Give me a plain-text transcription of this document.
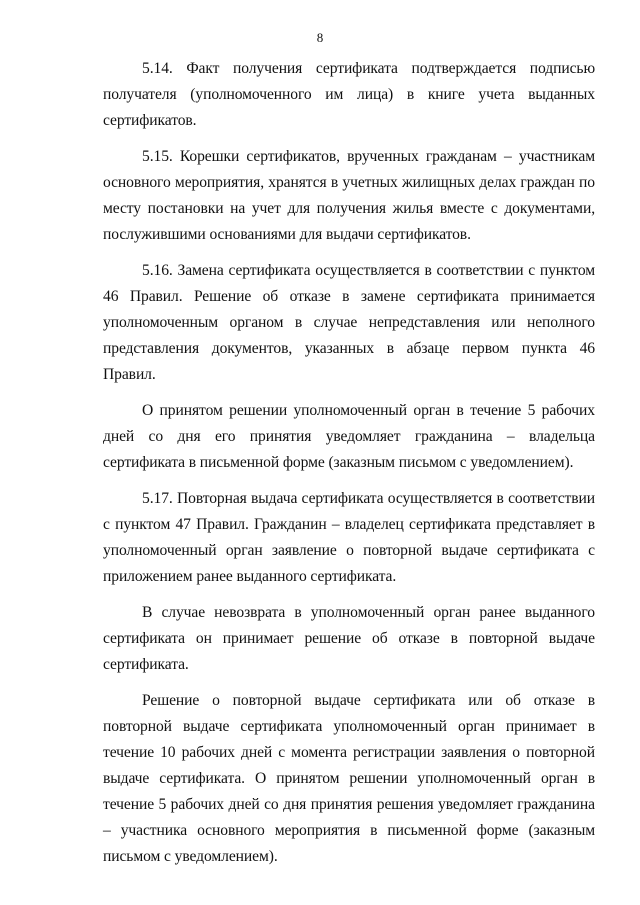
8

5.14. Факт получения сертификата подтверждается подписью получателя (уполномоченного им лица) в книге учета выданных сертификатов.

5.15. Корешки сертификатов, врученных гражданам – участникам основного мероприятия, хранятся в учетных жилищных делах граждан по месту постановки на учет для получения жилья вместе с документами, послужившими основаниями для выдачи сертификатов.

5.16. Замена сертификата осуществляется в соответствии с пунктом 46 Правил. Решение об отказе в замене сертификата принимается уполномоченным органом в случае непредставления или неполного представления документов, указанных в абзаце первом пункта 46 Правил.

О принятом решении уполномоченный орган в течение 5 рабочих дней со дня его принятия уведомляет гражданина – владельца сертификата в письменной форме (заказным письмом с уведомлением).

5.17. Повторная выдача сертификата осуществляется в соответствии с пунктом 47 Правил. Гражданин – владелец сертификата представляет в уполномоченный орган заявление о повторной выдаче сертификата с приложением ранее выданного сертификата.

В случае невозврата в уполномоченный орган ранее выданного сертификата он принимает решение об отказе в повторной выдаче сертификата.

Решение о повторной выдаче сертификата или об отказе в повторной выдаче сертификата уполномоченный орган принимает в течение 10 рабочих дней с момента регистрации заявления о повторной выдаче сертификата. О принятом решении уполномоченный орган в течение 5 рабочих дней со дня принятия решения уведомляет гражданина – участника основного мероприятия в письменной форме (заказным письмом с уведомлением).
